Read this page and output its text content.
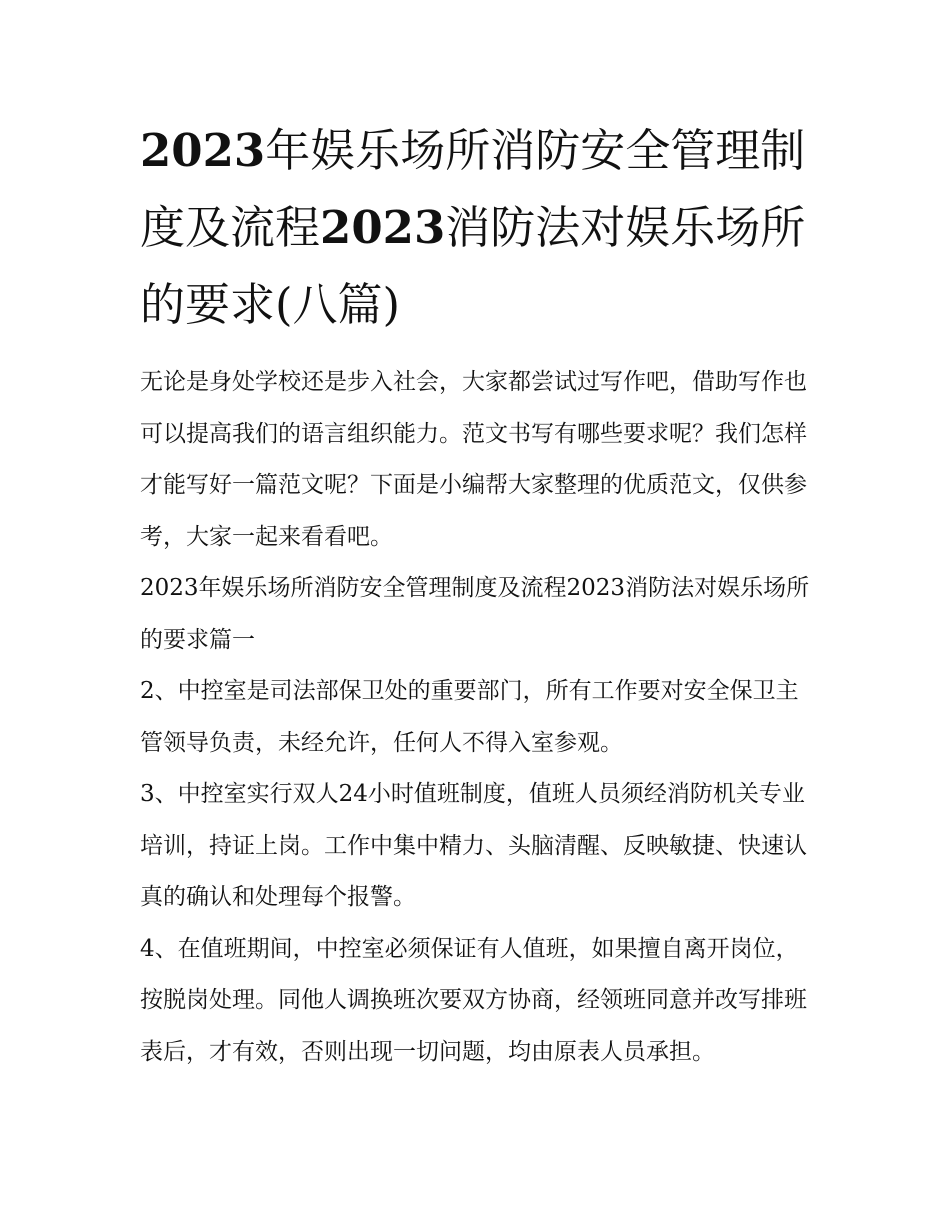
2023年娱乐场所消防安全管理制度及流程2023消防法对娱乐场所的要求(八篇)

无论是身处学校还是步入社会，大家都尝试过写作吧，借助写作也可以提高我们的语言组织能力。范文书写有哪些要求呢？我们怎样才能写好一篇范文呢？下面是小编帮大家整理的优质范文，仅供参考，大家一起来看看吧。

2023年娱乐场所消防安全管理制度及流程2023消防法对娱乐场所的要求篇一

2、中控室是司法部保卫处的重要部门，所有工作要对安全保卫主管领导负责，未经允许，任何人不得入室参观。

3、中控室实行双人24小时值班制度，值班人员须经消防机关专业培训，持证上岗。工作中集中精力、头脑清醒、反映敏捷、快速认真的确认和处理每个报警。

4、在值班期间，中控室必须保证有人值班，如果擅自离开岗位，按脱岗处理。同他人调换班次要双方协商，经领班同意并改写排班表后，才有效，否则出现一切问题，均由原表人员承担。
